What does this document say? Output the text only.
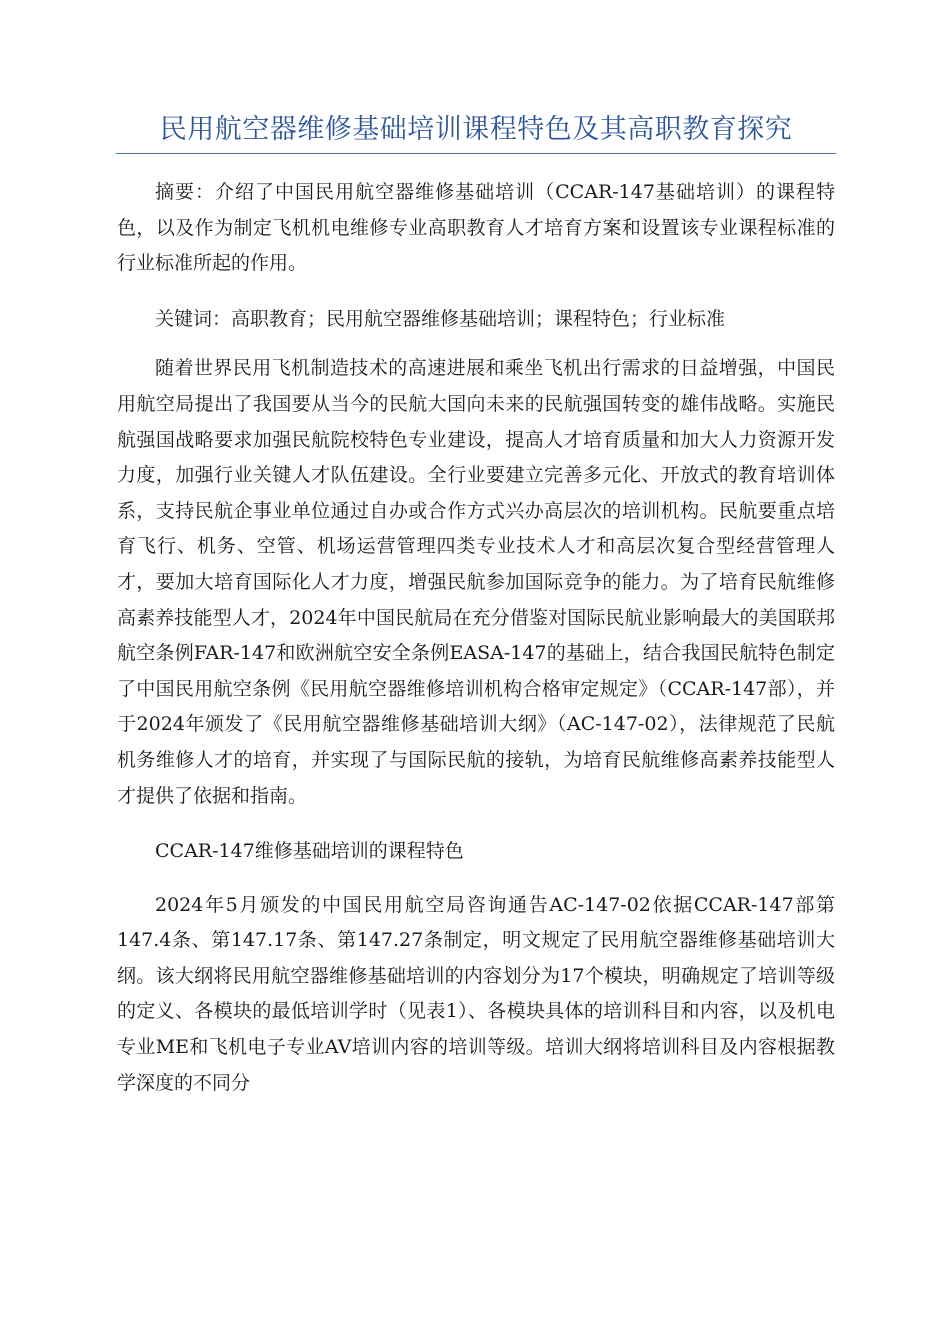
民用航空器维修基础培训课程特色及其高职教育探究

摘要：介绍了中国民用航空器维修基础培训（CCAR-147基础培训）的课程特色，以及作为制定飞机机电维修专业高职教育人才培育方案和设置该专业课程标准的行业标准所起的作用。

关键词：高职教育；民用航空器维修基础培训；课程特色；行业标准

随着世界民用飞机制造技术的高速进展和乘坐飞机出行需求的日益增强，中国民用航空局提出了我国要从当今的民航大国向未来的民航强国转变的雄伟战略。实施民航强国战略要求加强民航院校特色专业建设，提高人才培育质量和加大人力资源开发力度，加强行业关键人才队伍建设。全行业要建立完善多元化、开放式的教育培训体系，支持民航企事业单位通过自办或合作方式兴办高层次的培训机构。民航要重点培育飞行、机务、空管、机场运营管理四类专业技术人才和高层次复合型经营管理人才，要加大培育国际化人才力度，增强民航参加国际竞争的能力。为了培育民航维修高素养技能型人才，2024年中国民航局在充分借鉴对国际民航业影响最大的美国联邦航空条例FAR-147和欧洲航空安全条例EASA-147的基础上，结合我国民航特色制定了中国民用航空条例《民用航空器维修培训机构合格审定规定》（CCAR-147部），并于2024年颁发了《民用航空器维修基础培训大纲》（AC-147-02），法律规范了民航机务维修人才的培育，并实现了与国际民航的接轨，为培育民航维修高素养技能型人才提供了依据和指南。

CCAR-147维修基础培训的课程特色

2024年5月颁发的中国民用航空局咨询通告AC-147-02依据CCAR-147部第147.4条、第147.17条、第147.27条制定，明文规定了民用航空器维修基础培训大纲。该大纲将民用航空器维修基础培训的内容划分为17个模块，明确规定了培训等级的定义、各模块的最低培训学时（见表1）、各模块具体的培训科目和内容，以及机电专业ME和飞机电子专业AV培训内容的培训等级。培训大纲将培训科目及内容根据教学深度的不同分
